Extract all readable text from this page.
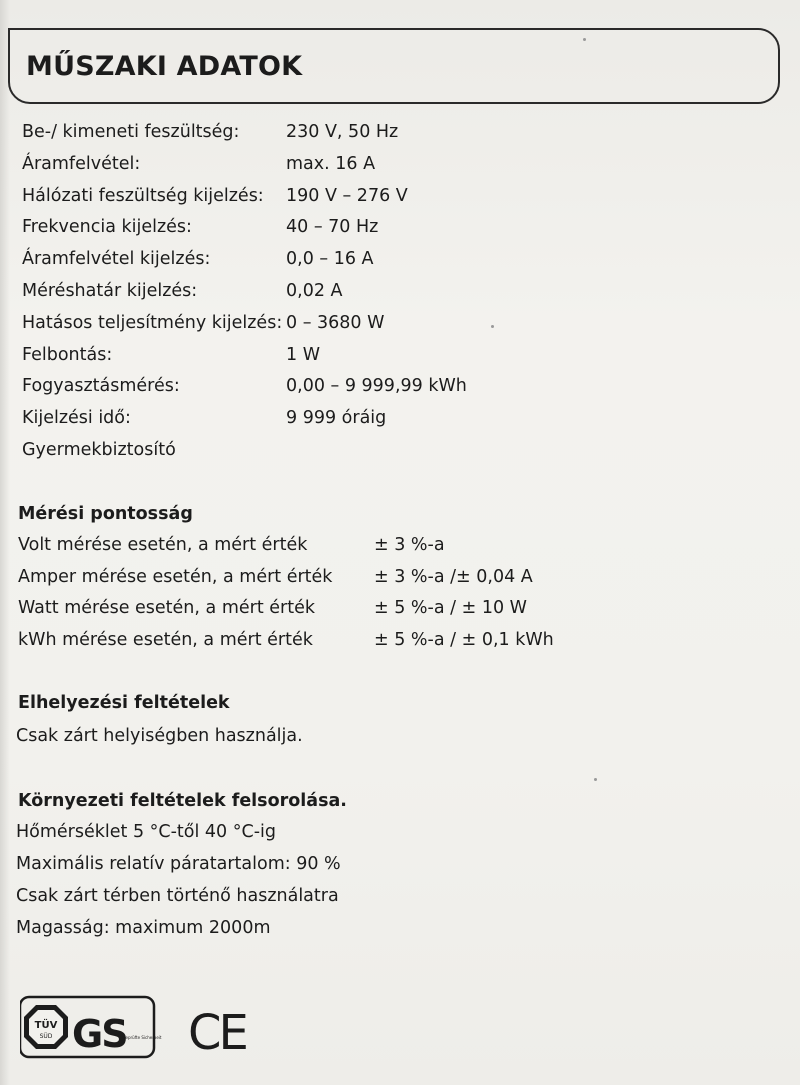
MŰSZAKI ADATOK
Be-/ kimeneti feszültség:	230 V, 50 Hz
Áramfelvétel:	max. 16 A
Hálózati feszültség kijelzés: 190 V – 276 V
Frekvencia kijelzés:	40 – 70 Hz
Áramfelvétel kijelzés:	0,0 – 16 A
Méréshatár kijelzés:	0,02 A
Hatásos teljesítmény kijelzés: 0 – 3680 W
Felbontás:	1 W
Fogyasztásmérés:	0,00 – 9 999,99 kWh
Kijelzési idő:	9 999 óráig
Gyermekbiztosító
Mérési pontosság
Volt mérése esetén, a mért érték	± 3 %-a
Amper mérése esetén, a mért érték ± 3 %-a /± 0,04 A
Watt mérése esetén, a mért érték	± 5 %-a / ± 10 W
kWh mérése esetén, a mért érték	± 5 %-a / ± 0,1 kWh
Elhelyezési feltételek

Csak zárt helyiségben használja.

Környezeti feltételek felsorolása.
Hőmérséklet 5 °C-től 40 °C-ig
Maximális relatív páratartalom: 90 %
Csak zárt térben történő használatra
Magasság: maximum 2000m
TÜV
SÜD GS
geprüfte Sicherheit CE
